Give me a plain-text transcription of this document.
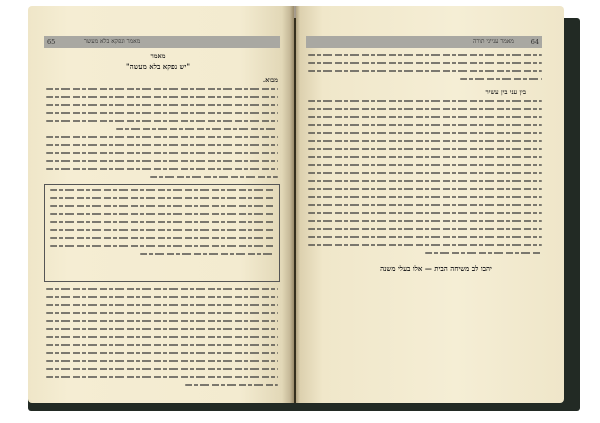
65	מאמר ונפקא בלא מעשר
מאמר
"יש נפקא בלא מעשה"
מבוא.
64
מאמר ענייני תורה
בין עני בין עשיר
יהבו לב משיחה הבית — אלו בעלי משנה
